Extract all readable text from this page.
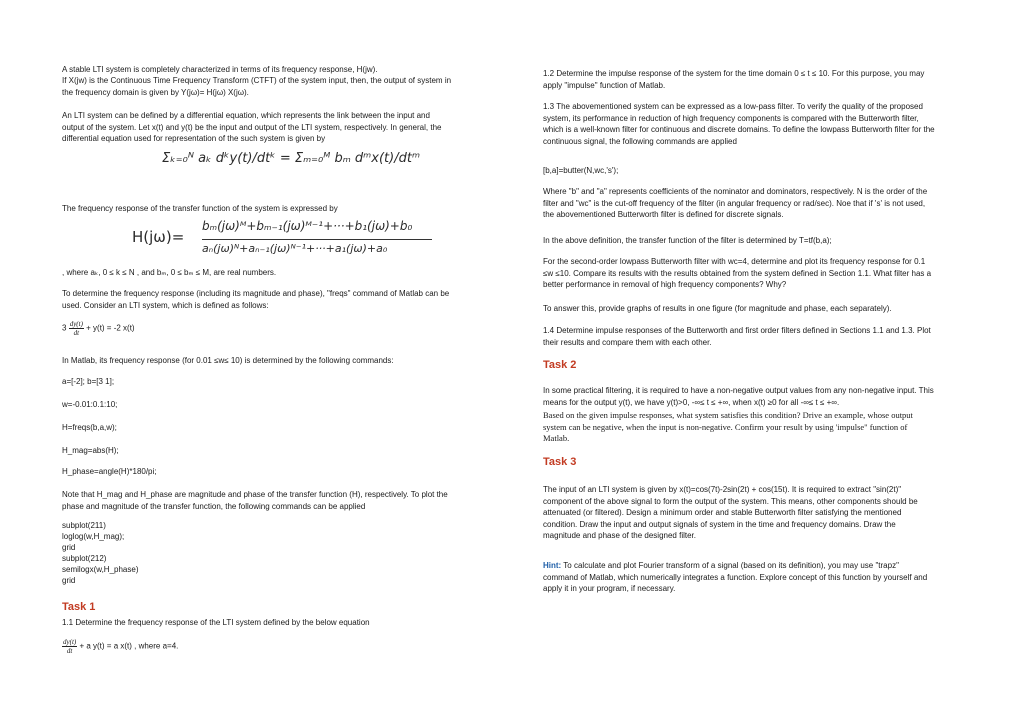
A stable LTI system is completely characterized in terms of its frequency response, H(jw).

If X(jw) is the Continuous Time Frequency Transform (CTFT) of the system input, then, the output of system in the frequency domain is given by Y(jω)= H(jω) X(jω).

An LTI system can be defined by a differential equation, which represents the link between the input and output of the system. Let x(t) and y(t) be the input and output of the LTI system, respectively. In general, the differential equation used for representation of the such system is given by

Σₖ₌₀ᴺ aₖ dᵏy(t)/dtᵏ = Σₘ₌₀ᴹ bₘ dᵐx(t)/dtᵐ

The frequency response of the transfer function of the system is expressed by

H(jω)=
bₘ(jω)ᴹ+bₘ₋₁(jω)ᴹ⁻¹+···+b₁(jω)+b₀
aₙ(jω)ᴺ+aₙ₋₁(jω)ᴺ⁻¹+···+a₁(jω)+a₀

, where aₖ, 0 ≤ k ≤ N , and bₘ, 0 ≤ bₘ ≤ M, are real numbers.

To determine the frequency response (including its magnitude and phase), "freqs" command of Matlab can be used. Consider an LTI system, which is defined as follows:

$3 \frac{dy(t)}{dt} + y(t) = -2$ x(t)

In Matlab, its frequency response (for 0.01 ≤w≤ 10) is determined by the following commands:

a=[-2]; b=[3 1];

w=-0.01:0.1:10;

H=freqs(b,a,w);

H_mag=abs(H);

H_phase=angle(H)*180/pi;

Note that H_mag and H_phase are magnitude and phase of the transfer function (H), respectively. To plot the phase and magnitude of the transfer function, the following commands can be applied

subplot(211)

loglog(w,H_mag);

grid

subplot(212)

semilogx(w,H_phase)

grid

Task 1

1.1 Determine the frequency response of the LTI system defined by the below equation

$\frac{dy(t)}{dt} + a$ y(t) = a x(t) , where a=4.

1.2 Determine the impulse response of the system for the time domain 0 ≤ t ≤ 10. For this purpose, you may apply "impulse" function of Matlab.

1.3 The abovementioned system can be expressed as a low-pass filter. To verify the quality of the proposed system, its performance in reduction of high frequency components is compared with the Butterworth filter, which is a well-known filter for continuous and discrete domains. To define the lowpass Butterworth filter for the continuous signal, the following commands are applied

[b,a]=butter(N,wc,'s');

Where "b" and "a" represents coefficients of the nominator and dominators, respectively. N is the order of the filter and "wc" is the cut-off frequency of the filter (in angular frequency or rad/sec). Noe that if 's' is not used, the abovementioned Butterworth filter is defined for discrete signals.

In the above definition, the transfer function of the filter is determined by T=tf(b,a);

For the second-order lowpass Butterworth filter with wc=4, determine and plot its frequency response for 0.1 ≤w ≤10. Compare its results with the results obtained from the system defined in Section 1.1. What filter has a better performance in removal of high frequency components? Why?

To answer this, provide graphs of results in one figure (for magnitude and phase, each separately).

1.4 Determine impulse responses of the Butterworth and first order filters defined in Sections 1.1 and 1.3. Plot their results and compare them with each other.

Task 2

In some practical filtering, it is required to have a non-negative output values from any non-negative input. This means for the output y(t), we have y(t)>0, -∞≤ t ≤ +∞, when x(t) ≥0 for all -∞≤ t ≤ +∞.

Based on the given impulse responses, what system satisfies this condition? Drive an example, whose output system can be negative, when the input is non-negative. Confirm your result by using 'impulse" function of Matlab.

Task 3

The input of an LTI system is given by x(t)=cos(7t)-2sin(2t) + cos(15t). It is required to extract "sin(2t)" component of the above signal to form the output of the system. This means, other components should be attenuated (or filtered). Design a minimum order and stable Butterworth filter satisfying the mentioned condition. Draw the input and output signals of system in the time and frequency domains. Draw the magnitude and phase of the designed filter.

Hint: To calculate and plot Fourier transform of a signal (based on its definition), you may use "trapz" command of Matlab, which numerically integrates a function. Explore concept of this function by yourself and apply it in your program, if necessary.
